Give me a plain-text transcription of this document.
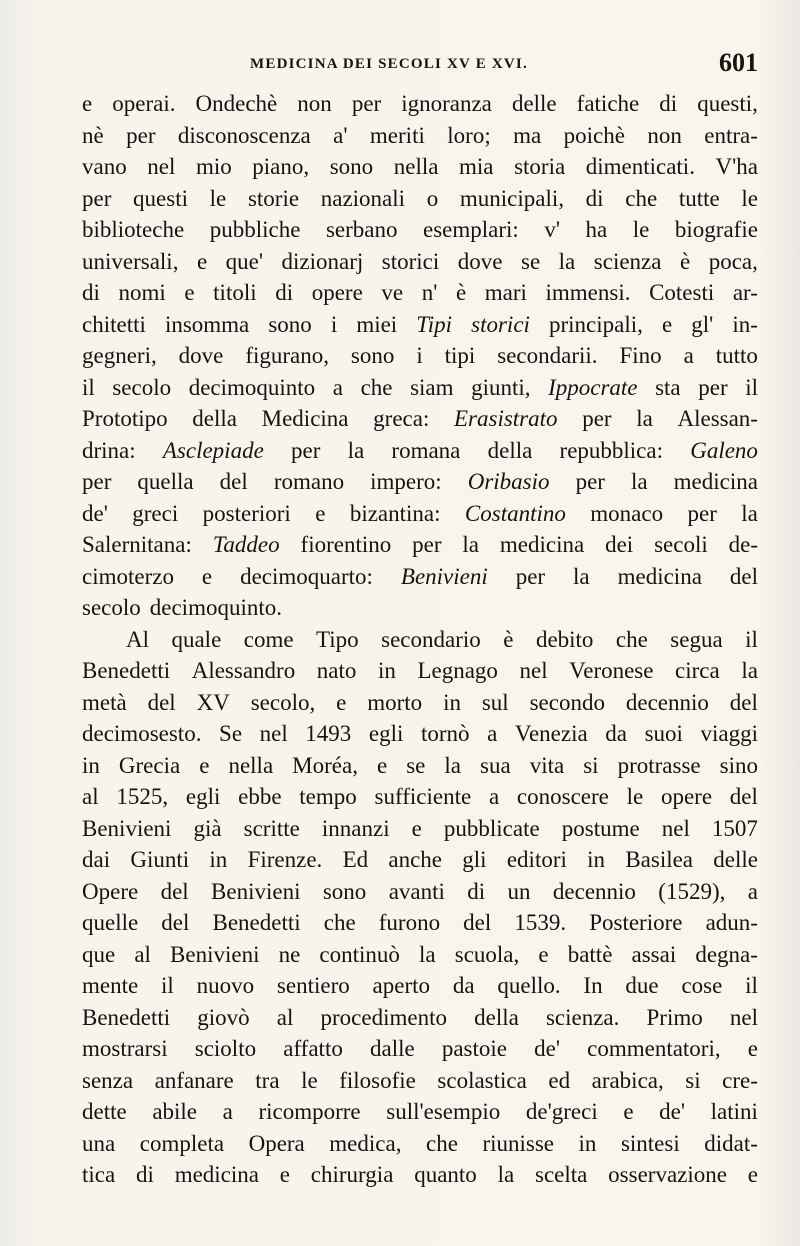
MEDICINA DEI SECOLI XV E XVI.	601
e operai. Ondechè non per ignoranza delle fatiche di questi,
nè per disconoscenza a' meriti loro; ma poichè non entra-
vano nel mio piano, sono nella mia storia dimenticati. V'ha
per questi le storie nazionali o municipali, di che tutte le
biblioteche pubbliche serbano esemplari: v' ha le biografie
universali, e que' dizionarj storici dove se la scienza è poca,
di nomi e titoli di opere ve n' è mari immensi. Cotesti ar-
chitetti insomma sono i miei Tipi storici principali, e gl' in-
gegneri, dove figurano, sono i tipi secondarii. Fino a tutto
il secolo decimoquinto a che siam giunti, Ippocrate sta per il
Prototipo della Medicina greca: Erasistrato per la Alessan-
drina: Asclepiade per la romana della repubblica: Galeno
per quella del romano impero: Oribasio per la medicina
de' greci posteriori e bizantina: Costantino monaco per la
Salernitana: Taddeo fiorentino per la medicina dei secoli de-
cimoterzo e decimoquarto: Benivieni per la medicina del
secolo decimoquinto.
Al quale come Tipo secondario è debito che segua il
Benedetti Alessandro nato in Legnago nel Veronese circa la
metà del XV secolo, e morto in sul secondo decennio del
decimosesto. Se nel 1493 egli tornò a Venezia da suoi viaggi
in Grecia e nella Moréa, e se la sua vita si protrasse sino
al 1525, egli ebbe tempo sufficiente a conoscere le opere del
Benivieni già scritte innanzi e pubblicate postume nel 1507
dai Giunti in Firenze. Ed anche gli editori in Basilea delle
Opere del Benivieni sono avanti di un decennio (1529), a
quelle del Benedetti che furono del 1539. Posteriore adun-
que al Benivieni ne continuò la scuola, e battè assai degna-
mente il nuovo sentiero aperto da quello. In due cose il
Benedetti giovò al procedimento della scienza. Primo nel
mostrarsi sciolto affatto dalle pastoie de' commentatori, e
senza anfanare tra le filosofie scolastica ed arabica, si cre-
dette abile a ricomporre sull'esempio de'greci e de' latini
una completa Opera medica, che riunisse in sintesi didat-
tica di medicina e chirurgia quanto la scelta osservazione e
